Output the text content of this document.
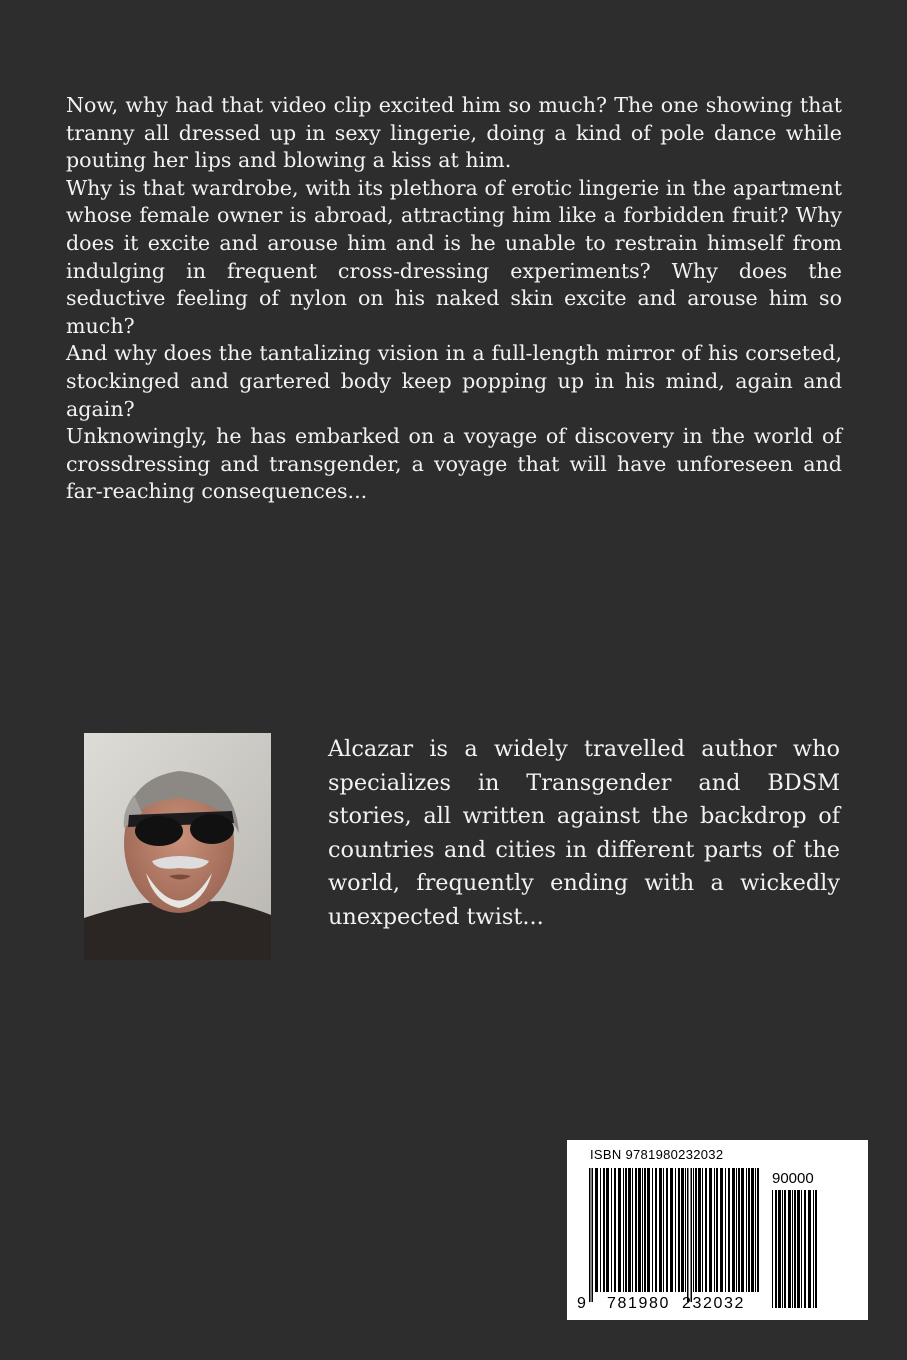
Now, why had that video clip excited him so much? The one showing that tranny all dressed up in sexy lingerie, doing a kind of pole dance while pouting her lips and blowing a kiss at him.

Why is that wardrobe, with its plethora of erotic lingerie in the apartment whose female owner is abroad, attracting him like a forbidden fruit? Why does it excite and arouse him and is he unable to restrain himself from indulging in frequent cross-dressing experiments? Why does the seductive feeling of nylon on his naked skin excite and arouse him so much?

And why does the tantalizing vision in a full-length mirror of his corseted, stockinged and gartered body keep popping up in his mind, again and again?

Unknowingly, he has embarked on a voyage of discovery in the world of crossdressing and transgender, a voyage that will have unforeseen and far-reaching consequences...

Alcazar is a widely travelled author who specializes in Transgender and BDSM stories, all written against the backdrop of countries and cities in different parts of the world, frequently ending with a wickedly unexpected twist...
ISBN 9781980232032
90000
9 781980 232032
